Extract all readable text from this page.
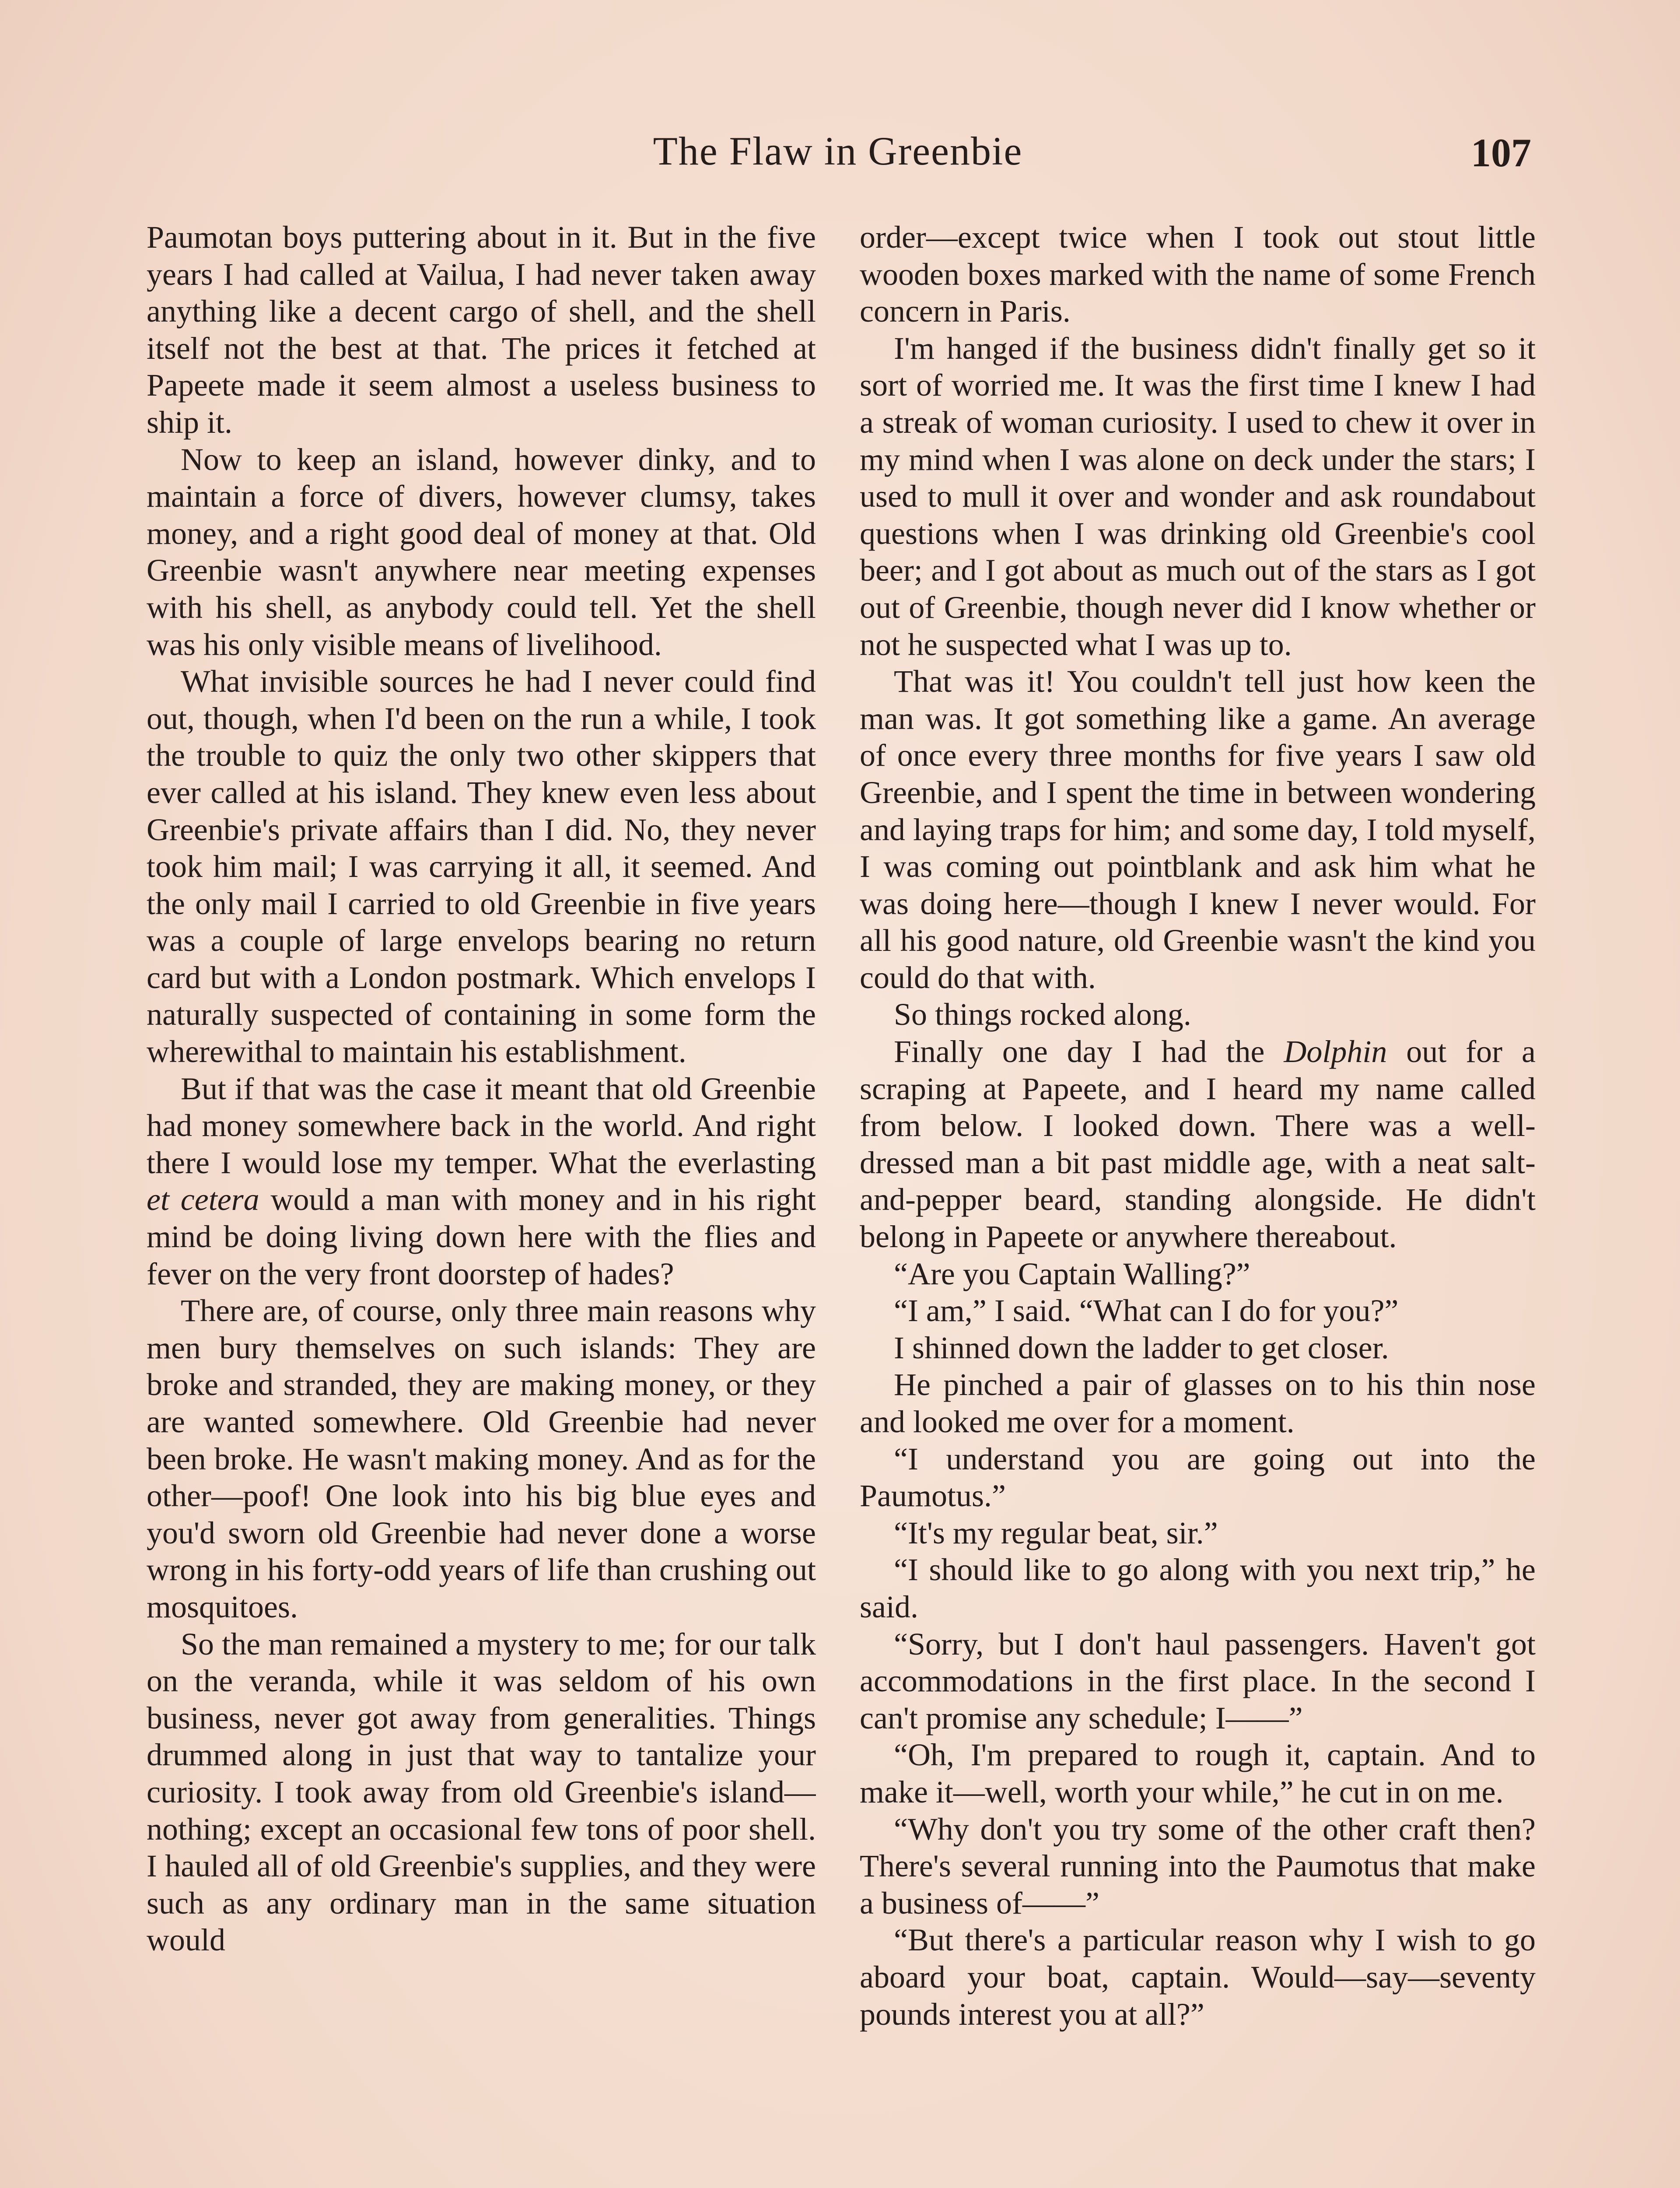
The Flaw in Greenbie	107

Paumotan boys puttering about in it. But in the five years I had called at Vailua, I had never taken away anything like a decent cargo of shell, and the shell itself not the best at that. The prices it fetched at Papeete made it seem almost a useless business to ship it.

Now to keep an island, however dinky, and to maintain a force of divers, however clumsy, takes money, and a right good deal of money at that. Old Greenbie wasn't anywhere near meeting expenses with his shell, as anybody could tell. Yet the shell was his only visible means of livelihood.

What invisible sources he had I never could find out, though, when I'd been on the run a while, I took the trouble to quiz the only two other skippers that ever called at his island. They knew even less about Greenbie's private affairs than I did. No, they never took him mail; I was carrying it all, it seemed. And the only mail I carried to old Greenbie in five years was a couple of large envelops bearing no return card but with a London postmark. Which envelops I naturally suspected of containing in some form the wherewithal to maintain his establishment.

But if that was the case it meant that old Greenbie had money somewhere back in the world. And right there I would lose my temper. What the everlasting et cetera would a man with money and in his right mind be doing living down here with the flies and fever on the very front doorstep of hades?

There are, of course, only three main reasons why men bury themselves on such islands: They are broke and stranded, they are making money, or they are wanted somewhere. Old Greenbie had never been broke. He wasn't making money. And as for the other—poof! One look into his big blue eyes and you'd sworn old Greenbie had never done a worse wrong in his forty-odd years of life than crushing out mosquitoes.

So the man remained a mystery to me; for our talk on the veranda, while it was seldom of his own business, never got away from generalities. Things drummed along in just that way to tantalize your curiosity. I took away from old Greenbie's island—nothing; except an occasional few tons of poor shell. I hauled all of old Greenbie's supplies, and they were such as any ordinary man in the same situation would

order—except twice when I took out stout little wooden boxes marked with the name of some French concern in Paris.

I'm hanged if the business didn't finally get so it sort of worried me. It was the first time I knew I had a streak of woman curiosity. I used to chew it over in my mind when I was alone on deck under the stars; I used to mull it over and wonder and ask roundabout questions when I was drinking old Greenbie's cool beer; and I got about as much out of the stars as I got out of Greenbie, though never did I know whether or not he suspected what I was up to.

That was it! You couldn't tell just how keen the man was. It got something like a game. An average of once every three months for five years I saw old Greenbie, and I spent the time in between wondering and laying traps for him; and some day, I told myself, I was coming out pointblank and ask him what he was doing here—though I knew I never would. For all his good nature, old Greenbie wasn't the kind you could do that with.

So things rocked along.

Finally one day I had the Dolphin out for a scraping at Papeete, and I heard my name called from below. I looked down. There was a well-dressed man a bit past middle age, with a neat salt-and-pepper beard, standing alongside. He didn't belong in Papeete or anywhere thereabout.

“Are you Captain Walling?”

“I am,” I said. “What can I do for you?”

I shinned down the ladder to get closer.

He pinched a pair of glasses on to his thin nose and looked me over for a moment.

“I understand you are going out into the Paumotus.”

“It's my regular beat, sir.”

“I should like to go along with you next trip,” he said.

“Sorry, but I don't haul passengers. Haven't got accommodations in the first place. In the second I can't promise any schedule; I——”

“Oh, I'm prepared to rough it, captain. And to make it—well, worth your while,” he cut in on me.

“Why don't you try some of the other craft then? There's several running into the Paumotus that make a business of——”

“But there's a particular reason why I wish to go aboard your boat, captain. Would—say—seventy pounds interest you at all?”
